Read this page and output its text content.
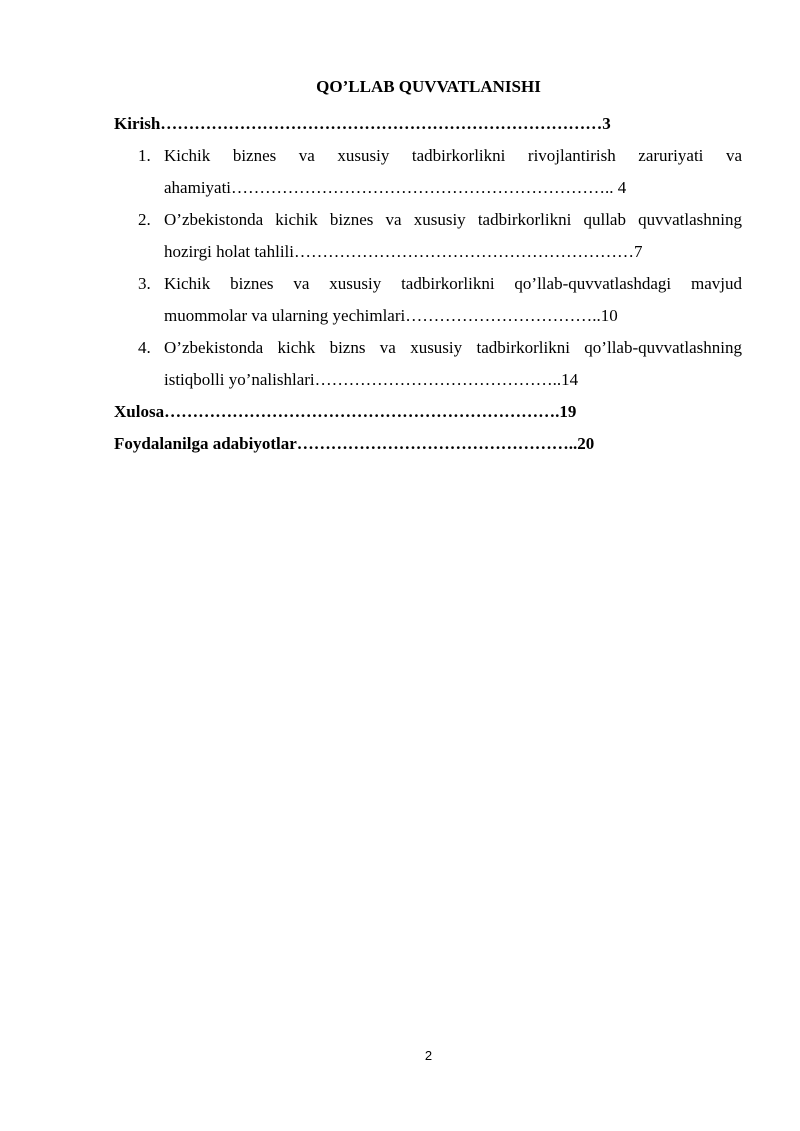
QO’LLAB QUVVATLANISHI
Kirish……………………………………………………………………3
1. Kichik biznes va xususiy tadbirkorlikni rivojlantirish zaruriyati va
ahamiyati………………………………………………………….. 4
2. O’zbekistonda kichik biznes va xususiy tadbirkorlikni qullab quvvatlashning
hozirgi holat tahlili……………………………………………………7
3. Kichik biznes va xususiy tadbirkorlikni qo’llab-quvvatlashdagi mavjud
muommolar va ularning yechimlari……………………………..10
4. O’zbekistonda kichk bizns va xususiy tadbirkorlikni qo’llab-quvvatlashning
istiqbolli yo’nalishlari……………………………………..14
Xulosa…………………………………………………………….19
Foydalanilga adabiyotlar…………………………………………..20
2
